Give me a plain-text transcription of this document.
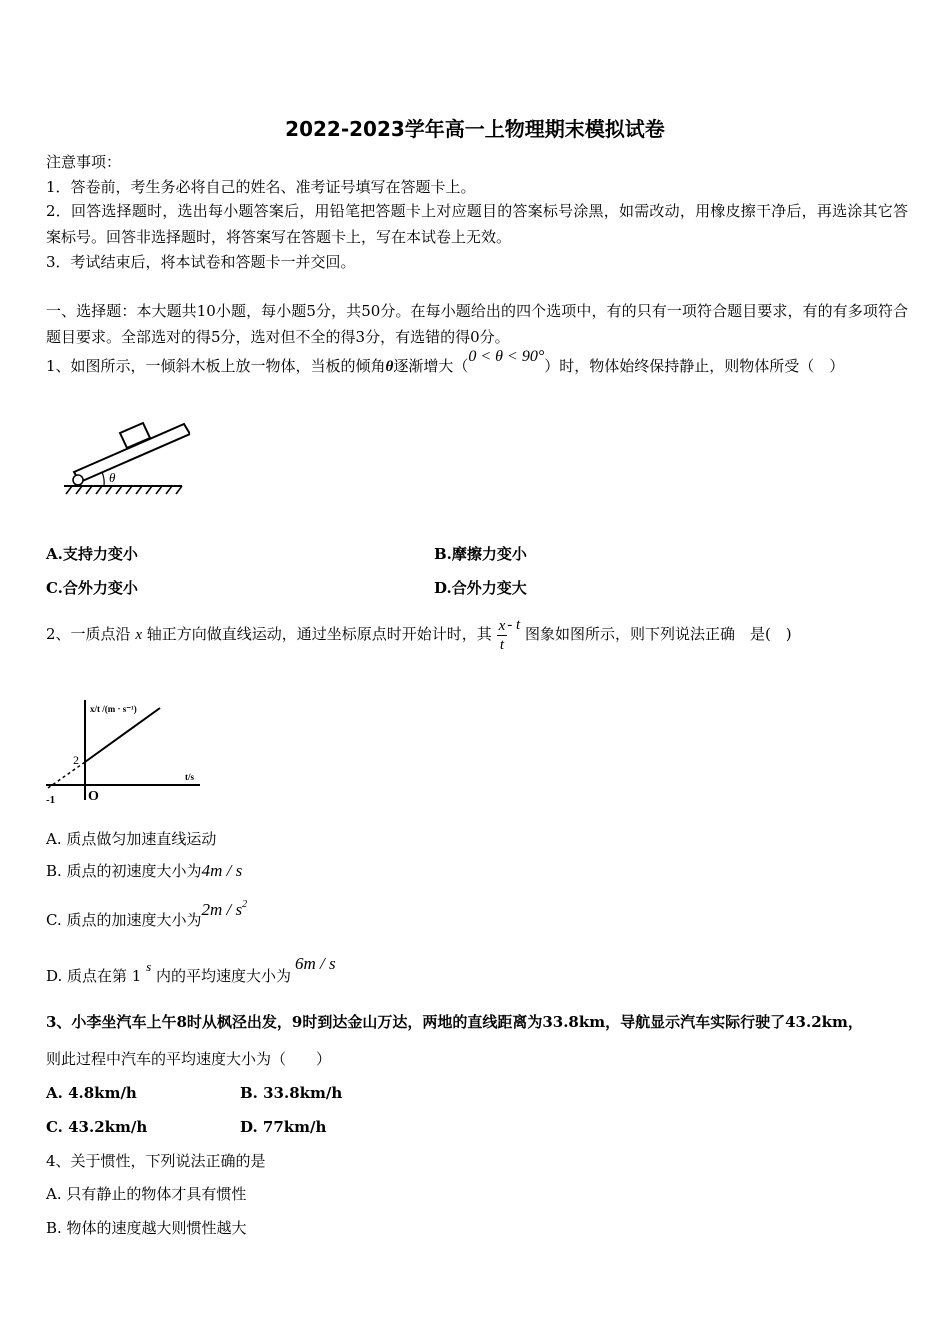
2022-2023学年高一上物理期末模拟试卷
注意事项：
1．答卷前，考生务必将自己的姓名、准考证号填写在答题卡上。
2．回答选择题时，选出每小题答案后，用铅笔把答题卡上对应题目的答案标号涂黑，如需改动，用橡皮擦干净后，再选涂其它答案标号。回答非选择题时，将答案写在答题卡上，写在本试卷上无效。
3．考试结束后，将本试卷和答题卡一并交回。
一、选择题：本大题共10小题，每小题5分，共50分。在每小题给出的四个选项中，有的只有一项符合题目要求，有的有多项符合题目要求。全部选对的得5分，选对但不全的得3分，有选错的得0分。
1、如图所示，一倾斜木板上放一物体，当板的倾角θ逐渐增大（0 < θ < 90°）时，物体始终保持静止，则物体所受（　）
θ
A.支持力变小	B.摩擦力变小
C.合外力变小	D.合外力变大
2、一质点沿 x 轴正方向做直线运动，通过坐标原点时开始计时，其 $\frac{x}{t}$ - t 图象如图所示，则下列说法正确　是(　)
x/t /(m · s⁻¹)
t/s
2
-1 O
A. 质点做匀加速直线运动
B. 质点的初速度大小为4m / s
C. 质点的加速度大小为$2m / s^2$
D. 质点在第 1 s 内的平均速度大小为6m / s
3、小李坐汽车上午8时从枫泾出发，9时到达金山万达，两地的直线距离为33.8km，导航显示汽车实际行驶了43.2km，
则此过程中汽车的平均速度大小为（　　）
A. 4.8km/h	B. 33.8km/h
C. 43.2km/h	D. 77km/h
4、关于惯性，下列说法正确的是
A. 只有静止的物体才具有惯性
B. 物体的速度越大则惯性越大
